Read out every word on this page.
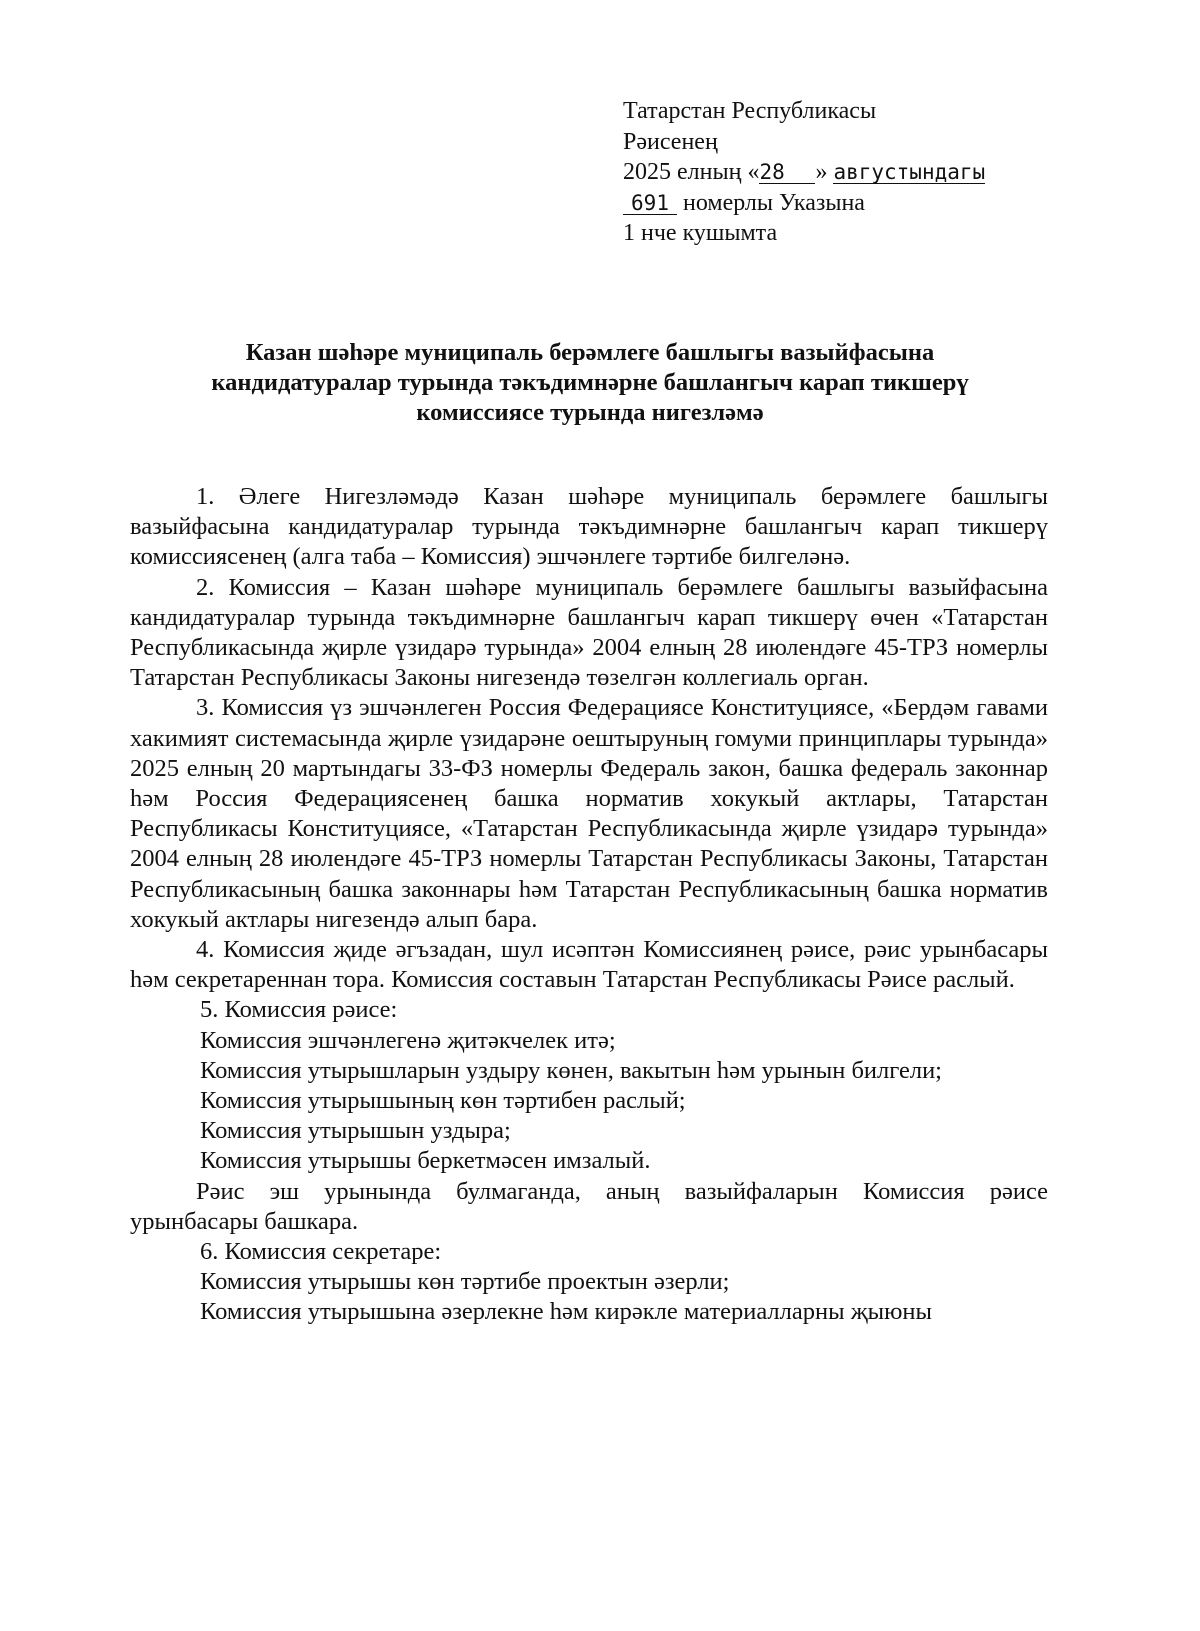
Татарстан Республикасы
Рәисенең
2025 елның «28 » августындагы
691 номерлы Указына
1 нче кушымта
Казан шәһәре муниципаль берәмлеге башлыгы вазыйфасына
кандидатуралар турында тәкъдимнәрне башлангыч карап тикшерү
комиссиясе турында нигезләмә

1. Әлеге Нигезләмәдә Казан шәһәре муниципаль берәмлеге башлыгы вазыйфасына кандидатуралар турында тәкъдимнәрне башлангыч карап тикшерү комиссиясенең (алга таба – Комиссия) эшчәнлеге тәртибе билгеләнә.

2. Комиссия – Казан шәһәре муниципаль берәмлеге башлыгы вазыйфасына кандидатуралар турында тәкъдимнәрне башлангыч карап тикшерү өчен «Татарстан Республикасында җирле үзидарә турында» 2004 елның 28 июлендәге 45-ТРЗ номерлы Татарстан Республикасы Законы нигезендә төзелгән коллегиаль орган.

3. Комиссия үз эшчәнлеген Россия Федерациясе Конституциясе, «Бердәм гавами хакимият системасында җирле үзидарәне оештыруның гомуми принциплары турында» 2025 елның 20 мартындагы 33-ФЗ номерлы Федераль закон, башка федераль законнар һәм Россия Федерациясенең башка норматив хокукый актлары, Татарстан Республикасы Конституциясе, «Татарстан Республикасында җирле үзидарә турында» 2004 елның 28 июлендәге 45-ТРЗ номерлы Татарстан Республикасы Законы, Татарстан Республикасының башка законнары һәм Татарстан Республикасының башка норматив хокукый актлары нигезендә алып бара.

4. Комиссия җиде әгъзадан, шул исәптән Комиссиянең рәисе, рәис урынбасары һәм секретареннан тора. Комиссия составын Татарстан Республикасы Рәисе раслый.

5. Комиссия рәисе:

Комиссия эшчәнлегенә җитәкчелек итә;

Комиссия утырышларын уздыру көнен, вакытын һәм урынын билгели;

Комиссия утырышының көн тәртибен раслый;

Комиссия утырышын уздыра;

Комиссия утырышы беркетмәсен имзалый.

Рәис эш урынында булмаганда, аның вазыйфаларын Комиссия рәисе урынбасары башкара.

6. Комиссия секретаре:

Комиссия утырышы көн тәртибе проектын әзерли;

Комиссия утырышына әзерлекне һәм кирәкле материалларны җыюны
